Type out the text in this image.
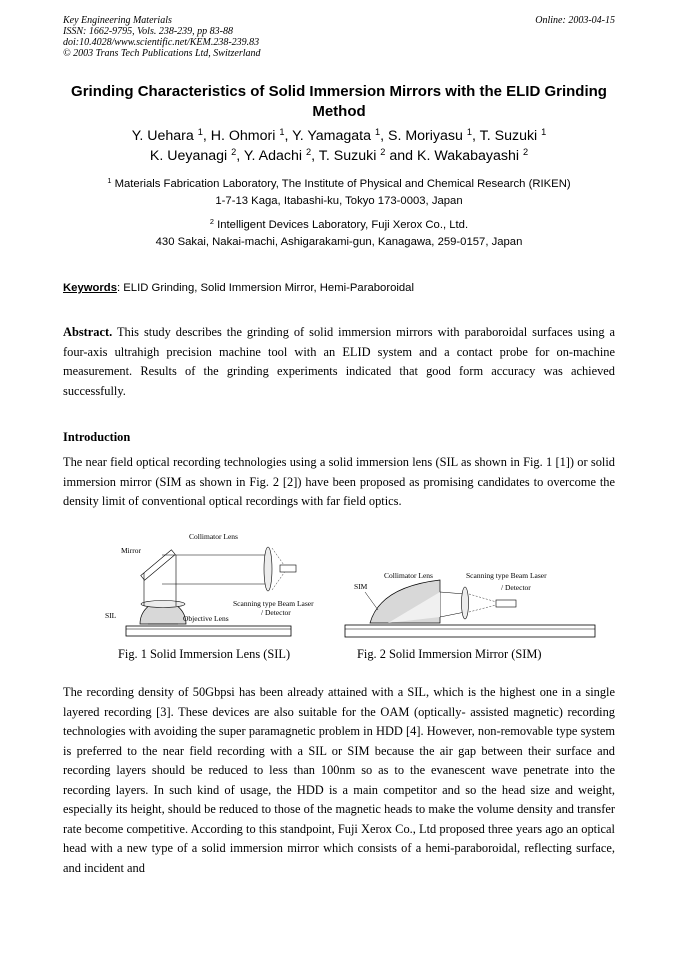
Key Engineering Materials
ISSN: 1662-9795, Vols. 238-239, pp 83-88
doi:10.4028/www.scientific.net/KEM.238-239.83
© 2003 Trans Tech Publications Ltd, Switzerland
Online: 2003-04-15
Grinding Characteristics of Solid Immersion Mirrors with the ELID Grinding Method
Y. Uehara $^1$, H. Ohmori $^1$, Y. Yamagata $^1$, S. Moriyasu $^1$, T. Suzuki $^1$
K. Ueyanagi $^2$, Y. Adachi $^2$, T. Suzuki $^2$ and K. Wakabayashi $^2$
$^1$ Materials Fabrication Laboratory, The Institute of Physical and Chemical Research (RIKEN)
1-7-13 Kaga, Itabashi-ku, Tokyo 173-0003, Japan
$^2$ Intelligent Devices Laboratory, Fuji Xerox Co., Ltd.
430 Sakai, Nakai-machi, Ashigarakami-gun, Kanagawa, 259-0157, Japan
Keywords: ELID Grinding, Solid Immersion Mirror, Hemi-Paraboroidal
Abstract. This study describes the grinding of solid immersion mirrors with paraboroidal surfaces using a four-axis ultrahigh precision machine tool with an ELID system and a contact probe for on-machine measurement. Results of the grinding experiments indicated that good form accuracy was achieved successfully.
Introduction
The near field optical recording technologies using a solid immersion lens (SIL as shown in Fig. 1 [1]) or solid immersion mirror (SIM as shown in Fig. 2 [2]) have been proposed as promising candidates to overcome the density limit of conventional optical recordings with far field optics.
Collimator Lens
Mirror
SIL	Objective Lens
Scanning type Beam Laser
/ Detector
Fig. 1 Solid Immersion Lens (SIL)
Collimator Lens
SIM
Scanning type Beam Laser
/ Detector
Fig. 2 Solid Immersion Mirror (SIM)
The recording density of 50Gbpsi has been already attained with a SIL, which is the highest one in a single layered recording [3]. These devices are also suitable for the OAM (optically- assisted magnetic) recording technologies with avoiding the super paramagnetic problem in HDD [4]. However, non-removable type system is preferred to the near field recording with a SIL or SIM because the air gap between their surface and recording layers should be reduced to less than 100nm so as to the evanescent wave penetrate into the recording layers. In such kind of usage, the HDD is a main competitor and so the head size and weight, especially its height, should be reduced to those of the magnetic heads to make the volume density and transfer rate become competitive. According to this standpoint, Fuji Xerox Co., Ltd proposed three years ago an optical head with a new type of a solid immersion mirror which consists of a hemi-paraboroidal, reflecting surface, and incident and
